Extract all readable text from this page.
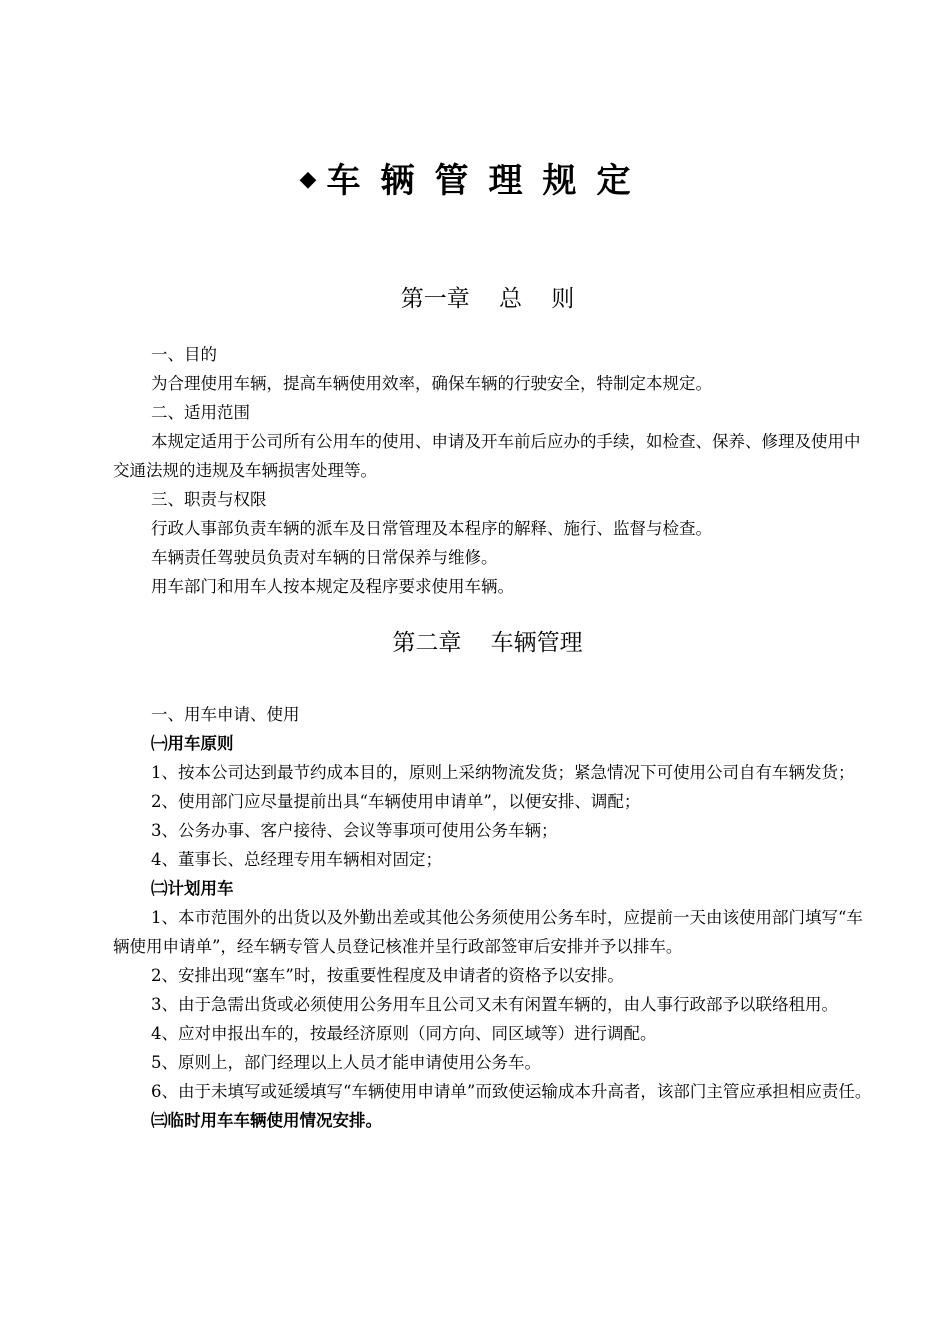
◆车辆管理规定
第一章    总    则

一、目的

为合理使用车辆，提高车辆使用效率，确保车辆的行驶安全，特制定本规定。

二、适用范围

本规定适用于公司所有公用车的使用、申请及开车前后应办的手续，如检查、保养、修理及使用中交通法规的违规及车辆损害处理等。

三、职责与权限

行政人事部负责车辆的派车及日常管理及本程序的解释、施行、监督与检查。

车辆责任驾驶员负责对车辆的日常保养与维修。

用车部门和用车人按本规定及程序要求使用车辆。

第二章    车辆管理

一、用车申请、使用

㈠用车原则

1、按本公司达到最节约成本目的，原则上采纳物流发货；紧急情况下可使用公司自有车辆发货；

2、使用部门应尽量提前出具“车辆使用申请单”，以便安排、调配；

3、公务办事、客户接待、会议等事项可使用公务车辆；

4、董事长、总经理专用车辆相对固定；

㈡计划用车

1、本市范围外的出货以及外勤出差或其他公务须使用公务车时，应提前一天由该使用部门填写“车辆使用申请单”，经车辆专管人员登记核准并呈行政部签审后安排并予以排车。

2、安排出现“塞车”时，按重要性程度及申请者的资格予以安排。

3、由于急需出货或必须使用公务用车且公司又未有闲置车辆的，由人事行政部予以联络租用。

4、应对申报出车的，按最经济原则（同方向、同区域等）进行调配。

5、原则上，部门经理以上人员才能申请使用公务车。

6、由于未填写或延缓填写“车辆使用申请单”而致使运输成本升高者，该部门主管应承担相应责任。

㈢临时用车车辆使用情况安排。
